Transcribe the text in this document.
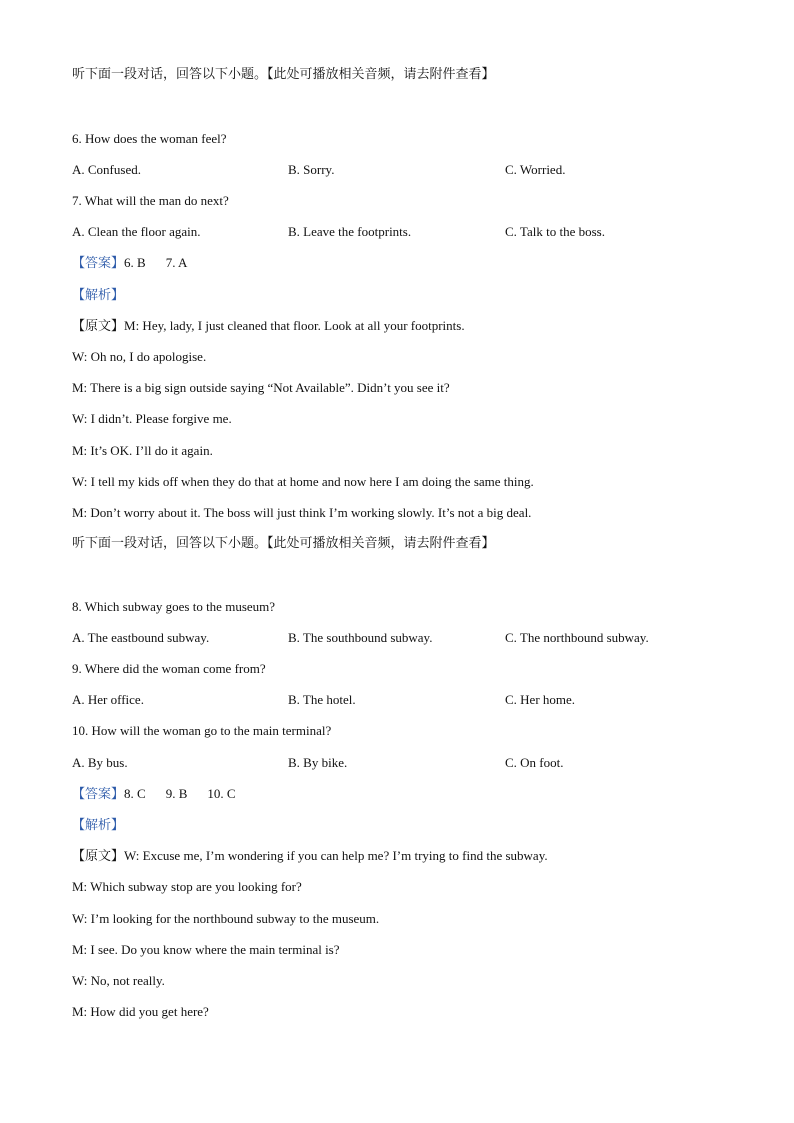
听下面一段对话，回答以下小题。【此处可播放相关音频，请去附件查看】
6. How does the woman feel?
A. Confused.	B. Sorry.	C. Worried.
7. What will the man do next?
A. Clean the floor again.	B. Leave the footprints.	C. Talk to the boss.
【答案】6. B 7. A
【解析】
【原文】M: Hey, lady, I just cleaned that floor. Look at all your footprints.
W: Oh no, I do apologise.
M: There is a big sign outside saying “Not Available”. Didn’t you see it?
W: I didn’t. Please forgive me.
M: It’s OK. I’ll do it again.
W: I tell my kids off when they do that at home and now here I am doing the same thing.
M: Don’t worry about it. The boss will just think I’m working slowly. It’s not a big deal.
听下面一段对话，回答以下小题。【此处可播放相关音频，请去附件查看】
8. Which subway goes to the museum?
A. The eastbound subway.	B. The southbound subway.	C. The northbound subway.
9. Where did the woman come from?
A. Her office.	B. The hotel.	C. Her home.
10. How will the woman go to the main terminal?
A. By bus.	B. By bike.	C. On foot.
【答案】8. C 9. B 10. C
【解析】
【原文】W: Excuse me, I’m wondering if you can help me? I’m trying to find the subway.
M: Which subway stop are you looking for?
W: I’m looking for the northbound subway to the museum.
M: I see. Do you know where the main terminal is?
W: No, not really.
M: How did you get here?
